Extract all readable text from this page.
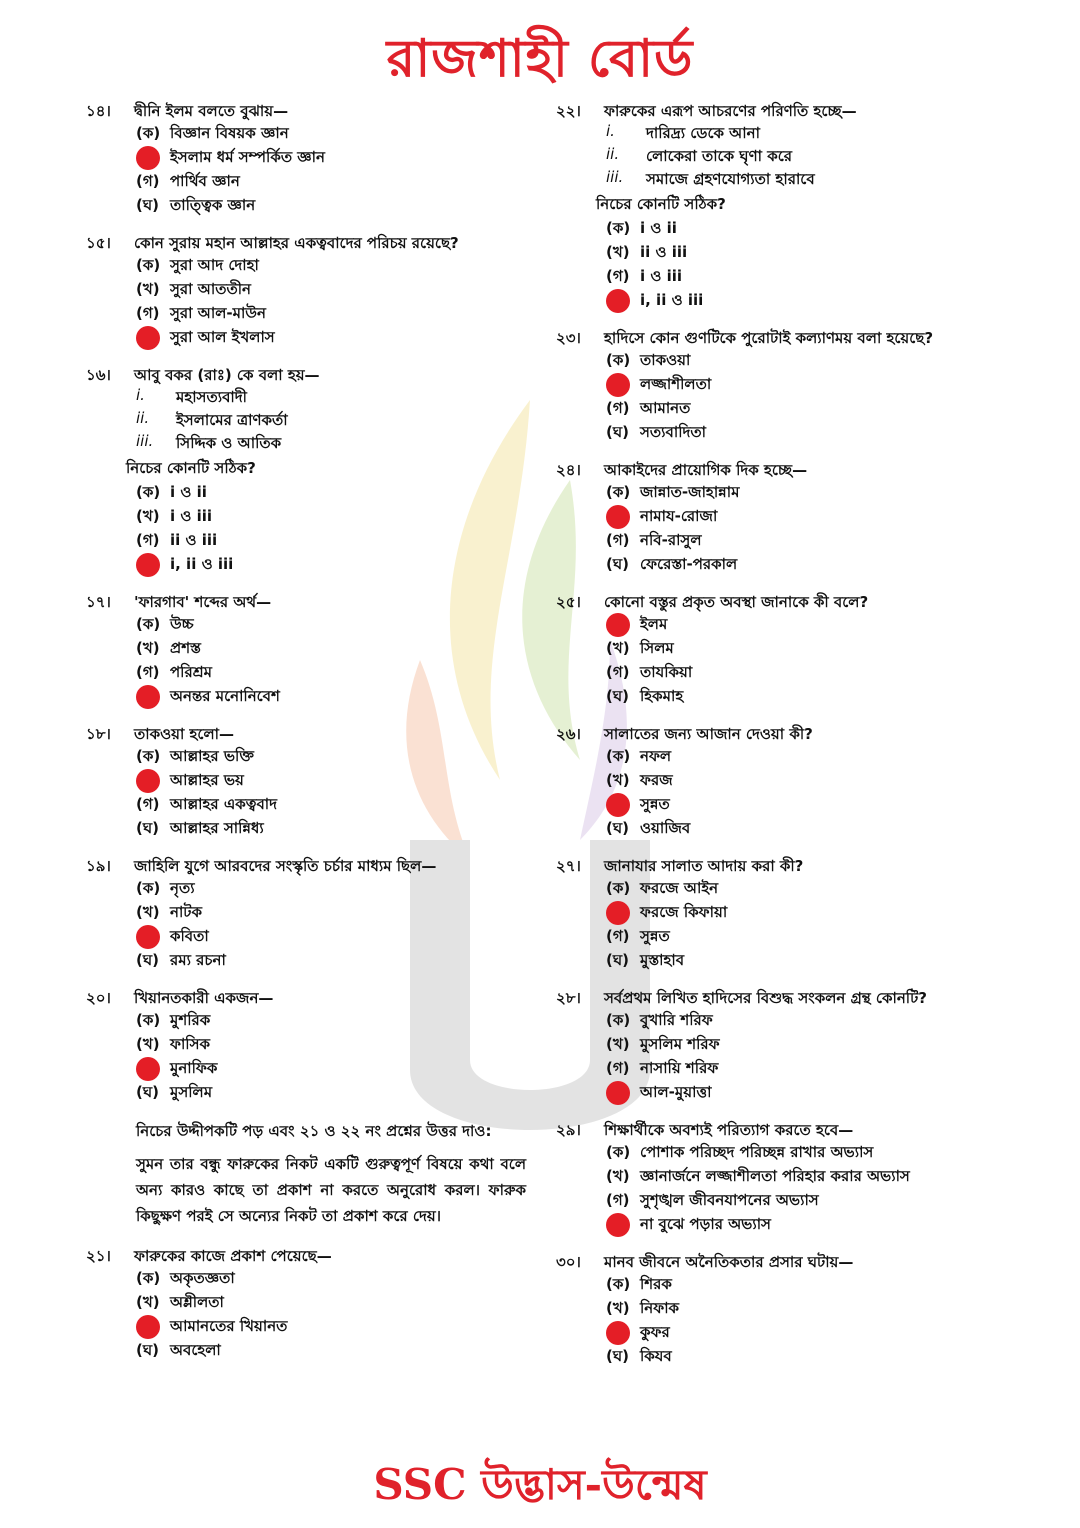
রাজশাহী বোর্ড
১৪।	দ্বীনি ইলম বলতে বুঝায় —
(ক) বিজ্ঞান বিষয়ক জ্ঞান
ইসলাম ধর্ম সম্পর্কিত জ্ঞান
(গ) পার্থিব জ্ঞান
(ঘ) তাত্ত্বিক জ্ঞান
১৫।	কোন সুরায় মহান আল্লাহর একত্ববাদের পরিচয় রয়েছে?
(ক) সুরা আদ দোহা
(খ) সুরা আততীন
(গ) সুরা আল-মাউন
সুরা আল ইখলাস
১৬।	আবু বকর (রাঃ) কে বলা হয় —
i.	মহাসত্যবাদী
ii.	ইসলামের ত্রাণকর্তা
iii.	সিদ্দিক ও আতিক
নিচের কোনটি সঠিক?
(ক) i ও ii
(খ) i ও iii
(গ) ii ও iii
i, ii ও iii
১৭।	'ফারগাব' শব্দের অর্থ —
(ক) উচ্চ
(খ) প্রশস্ত
(গ) পরিশ্রম
অনন্তর মনোনিবেশ
১৮।	তাকওয়া হলো —
(ক) আল্লাহর ভক্তি
আল্লাহর ভয়
(গ) আল্লাহর একত্ববাদ
(ঘ) আল্লাহর সান্নিধ্য
১৯।	জাহিলি যুগে আরবদের সংস্কৃতি চর্চার মাধ্যম ছিল —
(ক) নৃত্য
(খ) নাটক
কবিতা
(ঘ) রম্য রচনা
২০।	খিয়ানতকারী একজন —
(ক) মুশরিক
(খ) ফাসিক
মুনাফিক
(ঘ) মুসলিম
নিচের উদ্দীপকটি পড় এবং ২১ ও ২২ নং প্রশ্নের উত্তর দাও:
সুমন তার বন্ধু ফারুকের নিকট একটি গুরুত্বপূর্ণ বিষয়ে কথা বলে অন্য কারও কাছে তা প্রকাশ না করতে অনুরোধ করল। ফারুক কিছুক্ষণ পরই সে অন্যের নিকট তা প্রকাশ করে দেয়।
২১।	ফারুকের কাজে প্রকাশ পেয়েছে —
(ক) অকৃতজ্ঞতা
(খ) অশ্লীলতা
আমানতের খিয়ানত
(ঘ) অবহেলা
২২।	ফারুকের এরূপ আচরণের পরিণতি হচ্ছে —
i.	দারিদ্র্য ডেকে আনা
ii.	লোকেরা তাকে ঘৃণা করে
iii.	সমাজে গ্রহণযোগ্যতা হারাবে
নিচের কোনটি সঠিক?
(ক) i ও ii
(খ) ii ও iii
(গ) i ও iii
i, ii ও iii
২৩।	হাদিসে কোন গুণটিকে পুরোটাই কল্যাণময় বলা হয়েছে?
(ক) তাকওয়া
লজ্জাশীলতা
(গ) আমানত
(ঘ) সত্যবাদিতা
২৪।	আকাইদের প্রায়োগিক দিক হচ্ছে —
(ক) জান্নাত-জাহান্নাম
নামায-রোজা
(গ) নবি-রাসুল
(ঘ) ফেরেস্তা-পরকাল
২৫।	কোনো বস্তুর প্রকৃত অবস্থা জানাকে কী বলে?
ইলম
(খ) সিলম
(গ) তাযকিয়া
(ঘ) হিকমাহ
২৬।	সালাতের জন্য আজান দেওয়া কী?
(ক) নফল
(খ) ফরজ
সুন্নত
(ঘ) ওয়াজিব
২৭।	জানাযার সালাত আদায় করা কী?
(ক) ফরজে আইন
ফরজে কিফায়া
(গ) সুন্নত
(ঘ) মুস্তাহাব
২৮।	সর্বপ্রথম লিখিত হাদিসের বিশুদ্ধ সংকলন গ্রন্থ কোনটি?
(ক) বুখারি শরিফ
(খ) মুসলিম শরিফ
(গ) নাসায়ি শরিফ
আল-মুয়াত্তা
২৯।	শিক্ষার্থীকে অবশ্যই পরিত্যাগ করতে হবে —
(ক) পোশাক পরিচ্ছদ পরিচ্ছন্ন রাখার অভ্যাস
(খ) জ্ঞানার্জনে লজ্জাশীলতা পরিহার করার অভ্যাস
(গ) সুশৃঙ্খল জীবনযাপনের অভ্যাস
না বুঝে পড়ার অভ্যাস
৩০।	মানব জীবনে অনৈতিকতার প্রসার ঘটায় —
(ক) শিরক
(খ) নিফাক
কুফর
(ঘ) কিযব
SSC উদ্ভাস-উন্মেষ
